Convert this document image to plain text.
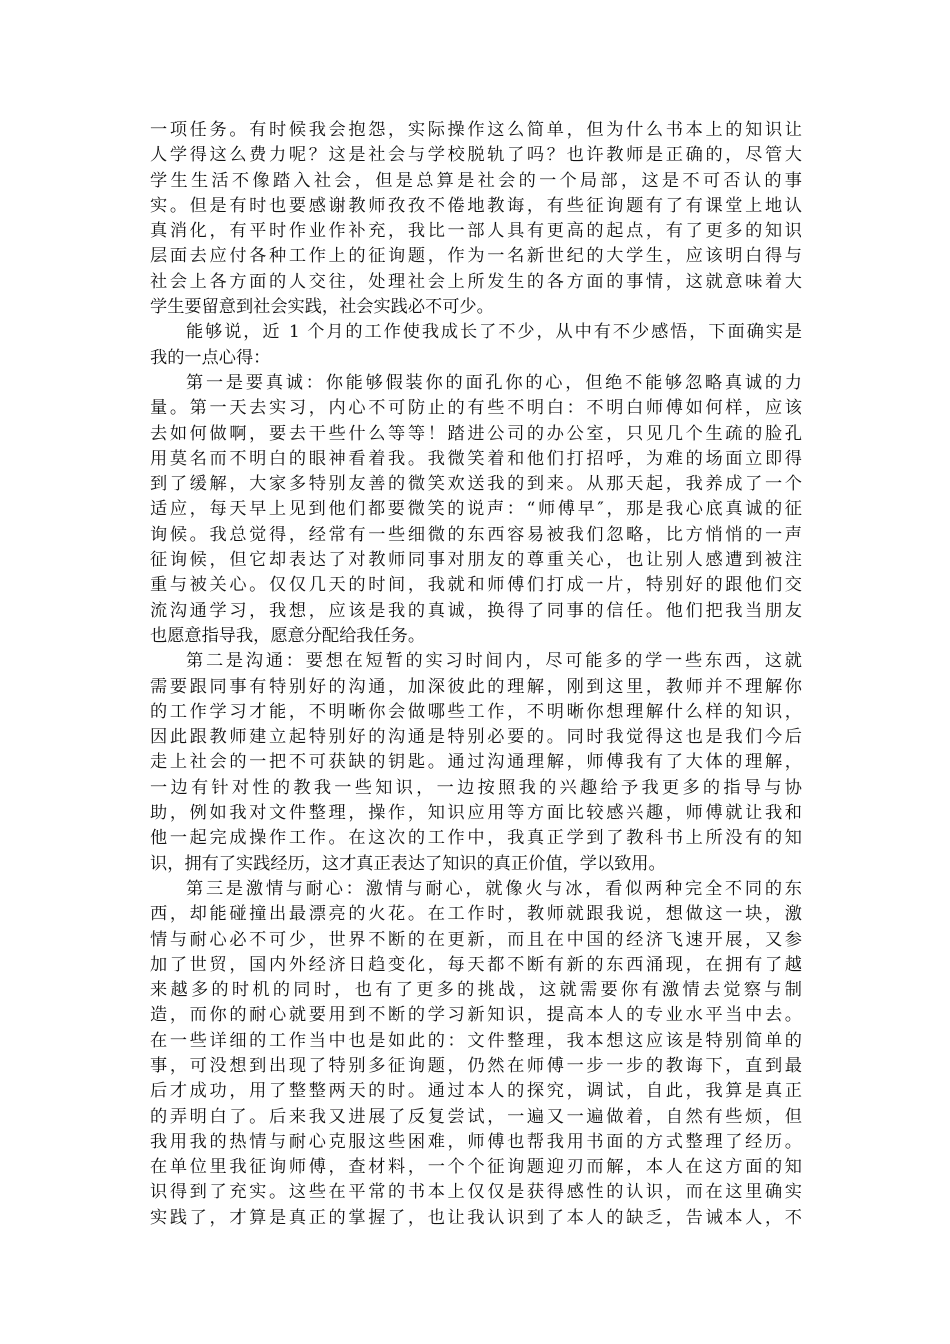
一项任务。有时候我会抱怨，实际操作这么简单，但为什么书本上的知识让
人学得这么费力呢？这是社会与学校脱轨了吗？也许教师是正确的，尽管大
学生生活不像踏入社会，但是总算是社会的一个局部，这是不可否认的事
实。但是有时也要感谢教师孜孜不倦地教诲，有些征询题有了有课堂上地认
真消化，有平时作业作补充，我比一部人具有更高的起点，有了更多的知识
层面去应付各种工作上的征询题，作为一名新世纪的大学生，应该明白得与
社会上各方面的人交往，处理社会上所发生的各方面的事情，这就意味着大
学生要留意到社会实践，社会实践必不可少。
能够说，近 1 个月的工作使我成长了不少，从中有不少感悟，下面确实是
我的一点心得：
第一是要真诚：你能够假装你的面孔你的心，但绝不能够忽略真诚的力
量。第一天去实习，内心不可防止的有些不明白：不明白师傅如何样，应该
去如何做啊，要去干些什么等等！踏进公司的办公室，只见几个生疏的脸孔
用莫名而不明白的眼神看着我。我微笑着和他们打招呼，为难的场面立即得
到了缓解，大家多特别友善的微笑欢送我的到来。从那天起，我养成了一个
适应，每天早上见到他们都要微笑的说声：“师傅早″，那是我心底真诚的征
询候。我总觉得，经常有一些细微的东西容易被我们忽略，比方悄悄的一声
征询候，但它却表达了对教师同事对朋友的尊重关心，也让别人感遭到被注
重与被关心。仅仅几天的时间，我就和师傅们打成一片，特别好的跟他们交
流沟通学习，我想，应该是我的真诚，换得了同事的信任。他们把我当朋友
也愿意指导我，愿意分配给我任务。
第二是沟通：要想在短暂的实习时间内，尽可能多的学一些东西，这就
需要跟同事有特别好的沟通，加深彼此的理解，刚到这里，教师并不理解你
的工作学习才能，不明晰你会做哪些工作，不明晰你想理解什么样的知识，
因此跟教师建立起特别好的沟通是特别必要的。同时我觉得这也是我们今后
走上社会的一把不可获缺的钥匙。通过沟通理解，师傅我有了大体的理解，
一边有针对性的教我一些知识，一边按照我的兴趣给予我更多的指导与协
助，例如我对文件整理，操作，知识应用等方面比较感兴趣，师傅就让我和
他一起完成操作工作。在这次的工作中，我真正学到了教科书上所没有的知
识，拥有了实践经历，这才真正表达了知识的真正价值，学以致用。
第三是激情与耐心：激情与耐心，就像火与冰，看似两种完全不同的东
西，却能碰撞出最漂亮的火花。在工作时，教师就跟我说，想做这一块，激
情与耐心必不可少，世界不断的在更新，而且在中国的经济飞速开展，又参
加了世贸，国内外经济日趋变化，每天都不断有新的东西涌现，在拥有了越
来越多的时机的同时，也有了更多的挑战，这就需要你有激情去觉察与制
造，而你的耐心就要用到不断的学习新知识，提高本人的专业水平当中去。
在一些详细的工作当中也是如此的：文件整理，我本想这应该是特别简单的
事，可没想到出现了特别多征询题，仍然在师傅一步一步的教诲下，直到最
后才成功，用了整整两天的时。通过本人的探究，调试，自此，我算是真正
的弄明白了。后来我又进展了反复尝试，一遍又一遍做着，自然有些烦，但
我用我的热情与耐心克服这些困难，师傅也帮我用书面的方式整理了经历。
在单位里我征询师傅，查材料，一个个征询题迎刃而解，本人在这方面的知
识得到了充实。这些在平常的书本上仅仅是获得感性的认识，而在这里确实
实践了，才算是真正的掌握了，也让我认识到了本人的缺乏，告诫本人，不
